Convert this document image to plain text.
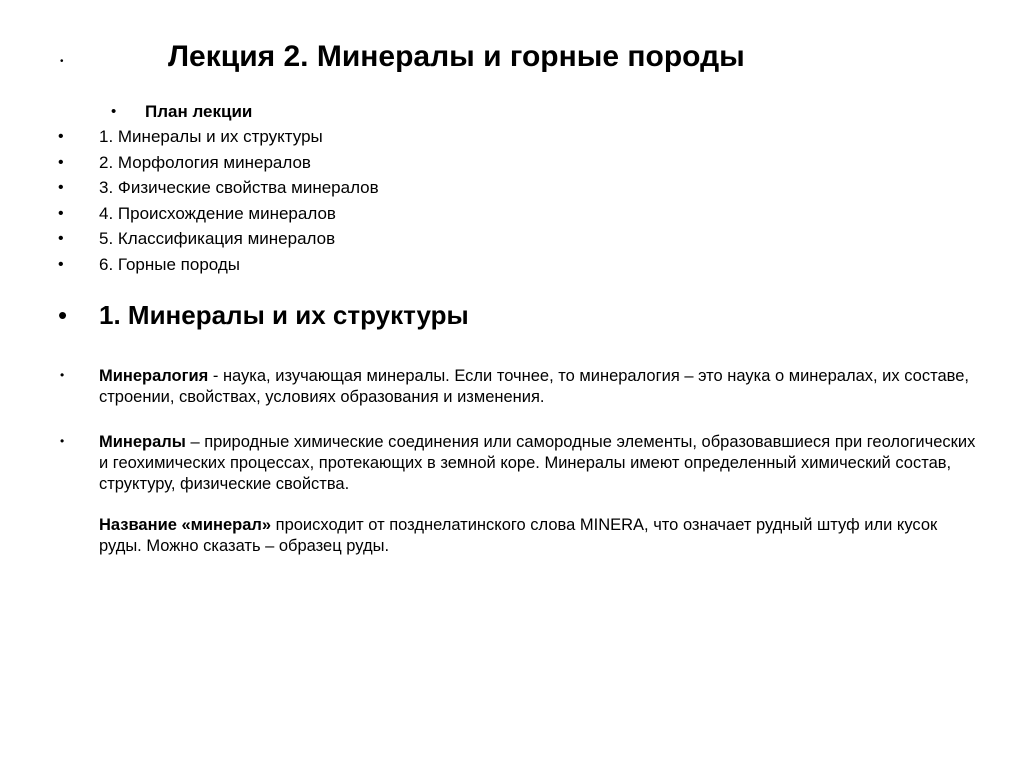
•	Лекция 2. Минералы и горные породы
• План лекции
• 1. Минералы и их структуры
• 2. Морфология минералов
• 3. Физические свойства минералов
• 4. Происхождение минералов
• 5. Классификация минералов
• 6. Горные породы
• 1. Минералы и их структуры
• Минералогия - наука, изучающая минералы. Если точнее, то минералогия – это наука о минералах, их составе, строении, свойствах, условиях образования и изменения.

• Минералы – природные химические соединения или самородные элементы, образовавшиеся при геологических и геохимических процессах, протекающих в земной коре. Минералы имеют определенный химический состав, структуру, физические свойства.

Название «минерал» происходит от позднелатинского слова MINERA, что означает рудный штуф или кусок руды. Можно сказать – образец руды.
